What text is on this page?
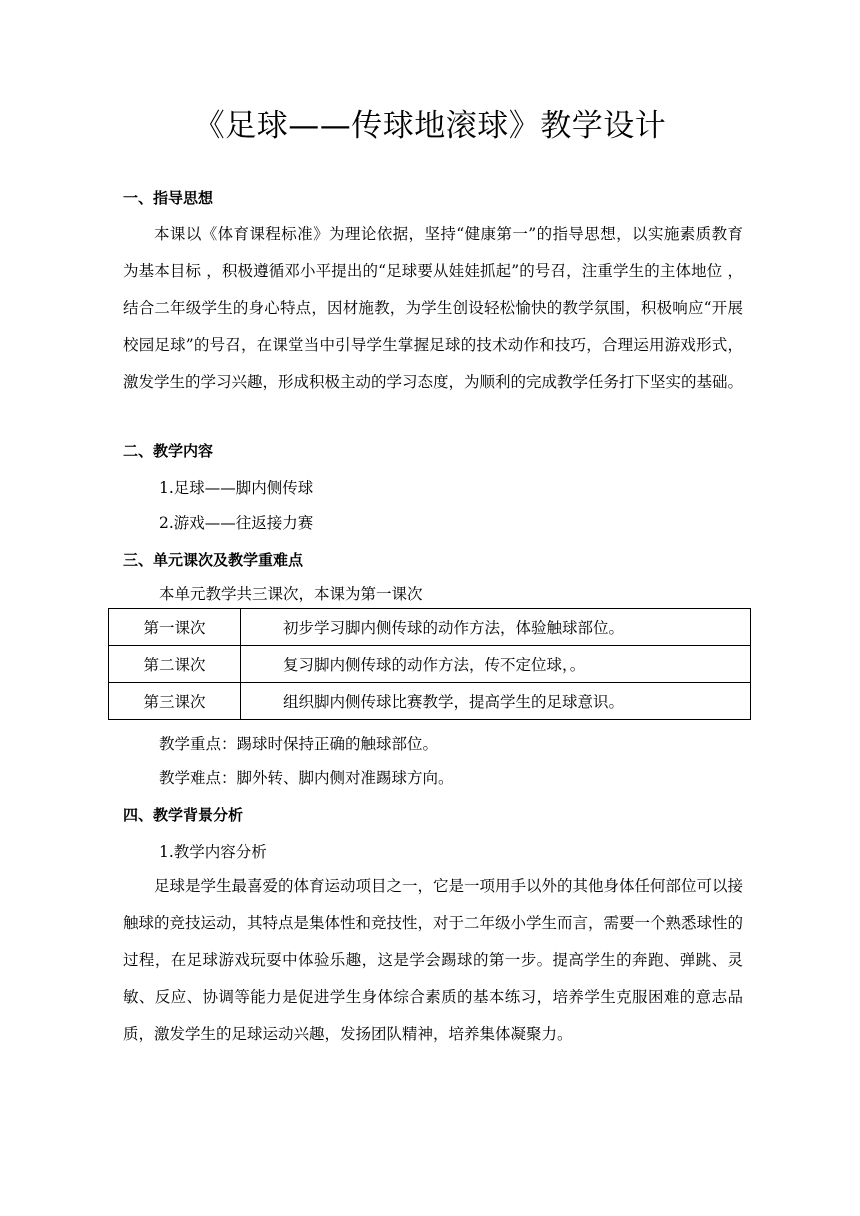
《足球——传球地滚球》教学设计
一、指导思想

本课以《体育课程标准》为理论依据，坚持“健康第一”的指导思想，以实施素质教育为基本目标 ，积极遵循邓小平提出的“足球要从娃娃抓起”的号召，注重学生的主体地位 ，结合二年级学生的身心特点，因材施教，为学生创设轻松愉快的教学氛围，积极响应“开展校园足球”的号召，在课堂当中引导学生掌握足球的技术动作和技巧，合理运用游戏形式，激发学生的学习兴趣，形成积极主动的学习态度，为顺利的完成教学任务打下坚实的基础。

二、教学内容
1.足球——脚内侧传球
2.游戏——往返接力赛
三、单元课次及教学重难点
本单元教学共三课次，本课为第一课次
第一课次	初步学习脚内侧传球的动作方法，体验触球部位。
第二课次	复习脚内侧传球的动作方法，传不定位球，。
第三课次	组织脚内侧传球比赛教学，提高学生的足球意识。
教学重点：踢球时保持正确的触球部位。
教学难点：脚外转、脚内侧对准踢球方向。
四、教学背景分析
1.教学内容分析

足球是学生最喜爱的体育运动项目之一，它是一项用手以外的其他身体任何部位可以接触球的竞技运动，其特点是集体性和竞技性，对于二年级小学生而言，需要一个熟悉球性的过程，在足球游戏玩耍中体验乐趣，这是学会踢球的第一步。提高学生的奔跑、弹跳、灵敏、反应、协调等能力是促进学生身体综合素质的基本练习，培养学生克服困难的意志品质，激发学生的足球运动兴趣，发扬团队精神，培养集体凝聚力。
